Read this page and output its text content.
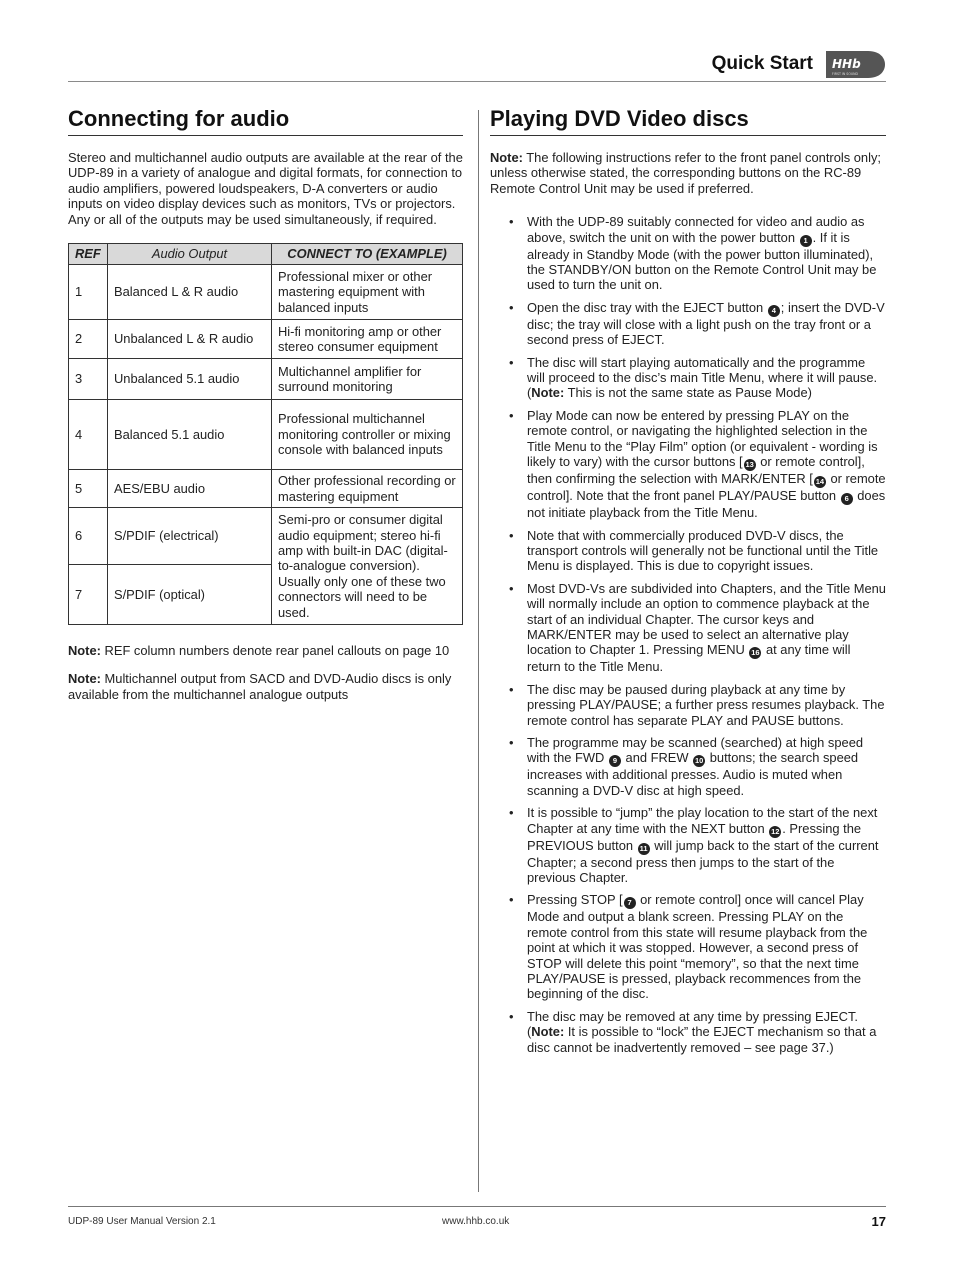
Quick Start HHb
FIRST IN SOUND
Connecting for audio

Stereo and multichannel audio outputs are available at the rear of the UDP-89 in a variety of analogue and digital formats, for connection to audio amplifiers, powered loudspeakers, D-A converters or audio inputs on video display devices such as monitors, TVs or projectors. Any or all of the outputs may be used simultaneously, if required.

REF	Audio Output	CONNECT TO (EXAMPLE)
1	Balanced L & R audio	Professional mixer or other mastering equipment with balanced inputs
2	Unbalanced L & R audio	Hi-fi monitoring amp or other stereo consumer equipment
3	Unbalanced 5.1 audio	Multichannel amplifier for surround monitoring
4	Balanced 5.1 audio	Professional multichannel monitoring controller or mixing console with balanced inputs
5	AES/EBU audio	Other professional recording or mastering equipment
6	S/PDIF (electrical)	Semi-pro or consumer digital audio equipment; stereo hi-fi amp with built-in DAC (digital-to-analogue conversion). Usually only one of these two connectors will need to be used.
7	S/PDIF (optical)	

Note: REF column numbers denote rear panel callouts on page 10

Note: Multichannel output from SACD and DVD-Audio discs is only available from the multichannel analogue outputs

Playing DVD Video discs

Note: The following instructions refer to the front panel controls only; unless otherwise stated, the corresponding buttons on the RC-89 Remote Control Unit may be used if preferred.

• With the UDP-89 suitably connected for video and audio as above, switch the unit on with the power button 1 . If it is already in Standby Mode (with the power button illuminated), the STANDBY/ON button on the Remote Control Unit may be used to turn the unit on.
• Open the disc tray with the EJECT button 4 ; insert the DVD-V disc; the tray will close with a light push on the tray front or a second press of EJECT.
• The disc will start playing automatically and the programme will proceed to the disc’s main Title Menu, where it will pause. (Note: This is not the same state as Pause Mode)
• Play Mode can now be entered by pressing PLAY on the remote control, or navigating the highlighted selection in the Title Menu to the “Play Film” option (or equivalent - wording is likely to vary) with the cursor buttons [ 13 or remote control], then confirming the selection with MARK/ENTER [ 14 or remote control]. Note that the front panel PLAY/PAUSE button 6 does not initiate playback from the Title Menu.
• Note that with commercially produced DVD-V discs, the transport controls will generally not be functional until the Title Menu is displayed. This is due to copyright issues.
• Most DVD-Vs are subdivided into Chapters, and the Title Menu will normally include an option to commence playback at the start of an individual Chapter. The cursor keys and MARK/ENTER may be used to select an alternative play location to Chapter 1. Pressing MENU 16 at any time will return to the Title Menu.
• The disc may be paused during playback at any time by pressing PLAY/PAUSE; a further press resumes playback. The remote control has separate PLAY and PAUSE buttons.
• The programme may be scanned (searched) at high speed with the FWD 9 and FREW 10 buttons; the search speed increases with additional presses. Audio is muted when scanning a DVD-V disc at high speed.
• It is possible to “jump” the play location to the start of the next Chapter at any time with the NEXT button 12 . Pressing the PREVIOUS button 11 will jump back to the start of the current Chapter; a second press then jumps to the start of the previous Chapter.
• Pressing STOP [ 7 or remote control] once will cancel Play Mode and output a blank screen. Pressing PLAY on the remote control from this state will resume playback from the point at which it was stopped. However, a second press of STOP will delete this point “memory”, so that the next time PLAY/PAUSE is pressed, playback recommences from the beginning of the disc.
• The disc may be removed at any time by pressing EJECT. (Note: It is possible to “lock” the EJECT mechanism so that a disc cannot be inadvertently removed – see page 37.)
UDP-89 User Manual Version 2.1	www.hhb.co.uk	17
